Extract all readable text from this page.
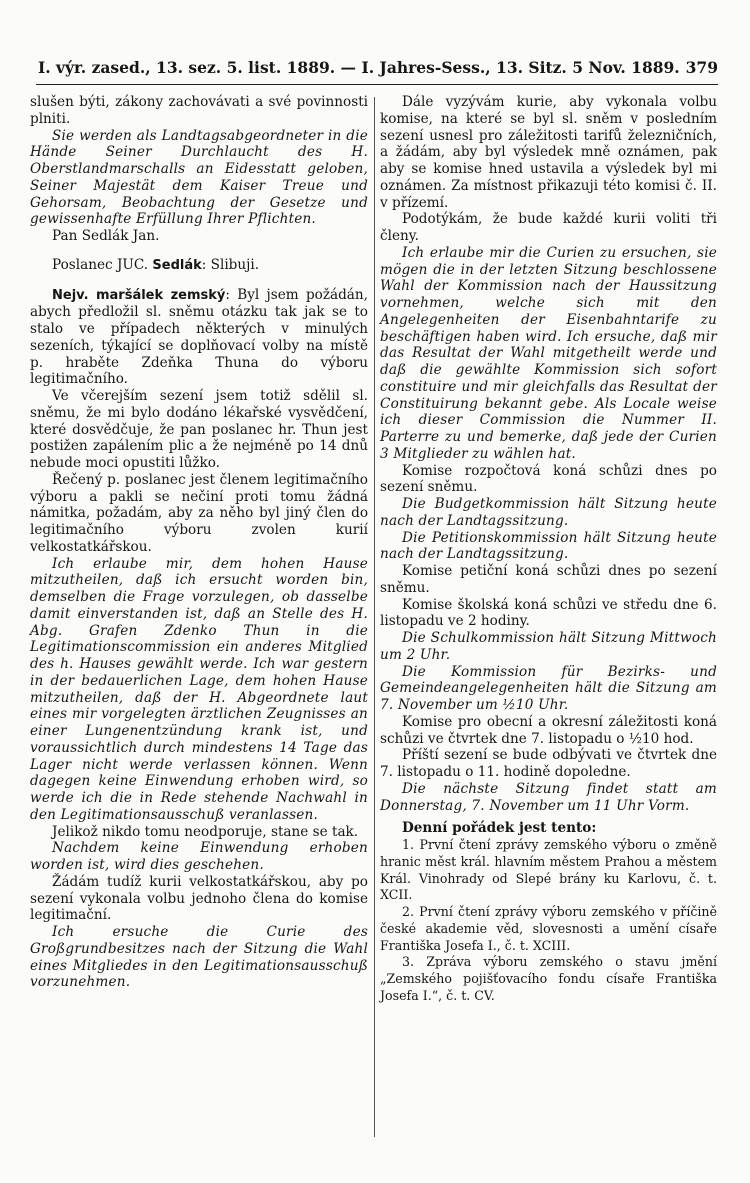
I. výr. zased., 13. sez. 5. list. 1889. — I. Jahres-Sess., 13. Sitz. 5 Nov. 1889. 379

slušen býti, zákony zachovávati a své povinnosti plniti.

Sie werden als Landtagsabgeordneter in die Hände Seiner Durchlaucht des H. Oberstlandmarschalls an Eidesstatt geloben, Seiner Majestät dem Kaiser Treue und Gehorsam, Beobachtung der Gesetze und gewissenhafte Erfüllung Ihrer Pflichten.

Pan Sedlák Jan.

Poslanec JUC. Sedlák: Slibuji.

Nejv. maršálek zemský: Byl jsem požádán, abych předložil sl. sněmu otázku tak jak se to stalo ve případech některých v minulých sezeních, týkající se doplňovací volby na místě p. hraběte Zdeňka Thuna do výboru legitimačního.

Ve včerejším sezení jsem totiž sdělil sl. sněmu, že mi bylo dodáno lékařské vysvědčení, které dosvědčuje, že pan poslanec hr. Thun jest postižen zapálením plic a že nejméně po 14 dnů nebude moci opustiti lůžko.

Řečený p. poslanec jest členem legitimačního výboru a pakli se nečiní proti tomu žádná námitka, požadám, aby za něho byl jiný člen do legitimačního výboru zvolen kurií velkostatkářskou.

Ich erlaube mir, dem hohen Hause mitzutheilen, daß ich ersucht worden bin, demselben die Frage vorzulegen, ob dasselbe damit einverstanden ist, daß an Stelle des H. Abg. Grafen Zdenko Thun in die Legitimationscommission ein anderes Mitglied des h. Hauses gewählt werde. Ich war gestern in der bedauerlichen Lage, dem hohen Hause mitzutheilen, daß der H. Abgeordnete laut eines mir vorgelegten ärztlichen Zeugnisses an einer Lungenentzündung krank ist, und voraussichtlich durch mindestens 14 Tage das Lager nicht werde verlassen können. Wenn dagegen keine Einwendung erhoben wird, so werde ich die in Rede stehende Nachwahl in den Legitimationsausschuß veranlassen.

Jelikož nikdo tomu neodporuje, stane se tak.

Nachdem keine Einwendung erhoben worden ist, wird dies geschehen.

Žádám tudíž kurii velkostatkářskou, aby po sezení vykonala volbu jednoho člena do komise legitimační.

Ich ersuche die Curie des Großgrundbesitzes nach der Sitzung die Wahl eines Mitgliedes in den Legitimationsausschuß vorzunehmen.

Dále vyzývám kurie, aby vykonala volbu komise, na které se byl sl. sněm v posledním sezení usnesl pro záležitosti tarifů železničních, a žádám, aby byl výsledek mně oznámen, pak aby se komise hned ustavila a výsledek byl mi oznámen. Za místnost přikazuji této komisi č. II. v přízemí.

Podotýkám, že bude každé kurii voliti tři členy.

Ich erlaube mir die Curien zu ersuchen, sie mögen die in der letzten Sitzung beschlossene Wahl der Kommission nach der Haussitzung vornehmen, welche sich mit den Angelegenheiten der Eisenbahntarife zu beschäftigen haben wird. Ich ersuche, daß mir das Resultat der Wahl mitgetheilt werde und daß die gewählte Kommission sich sofort constituire und mir gleichfalls das Resultat der Constituirung bekannt gebe. Als Locale weise ich dieser Commission die Nummer II. Parterre zu und bemerke, daß jede der Curien 3 Mitglieder zu wählen hat.

Komise rozpočtová koná schůzi dnes po sezení sněmu.

Die Budgetkommission hält Sitzung heute nach der Landtagssitzung.

Die Petitionskommission hält Sitzung heute nach der Landtagssitzung.

Komise petiční koná schůzi dnes po sezení sněmu.

Komise školská koná schůzi ve středu dne 6. listopadu ve 2 hodiny.

Die Schulkommission hält Sitzung Mittwoch um 2 Uhr.

Die Kommission für Bezirks- und Gemeindeangelegenheiten hält die Sitzung am 7. November um ½10 Uhr.

Komise pro obecní a okresní záležitosti koná schůzi ve čtvrtek dne 7. listopadu o ½10 hod.

Příští sezení se bude odbývati ve čtvrtek dne 7. listopadu o 11. hodině dopoledne.

Die nächste Sitzung findet statt am Donnerstag, 7. November um 11 Uhr Vorm.

Denní pořádek jest tento:

1. První čtení zprávy zemského výboru o změně hranic měst král. hlavním městem Prahou a městem Král. Vinohrady od Slepé brány ku Karlovu, č. t. XCII.

2. První čtení zprávy výboru zemského v příčině české akademie věd, slovesnosti a umění císaře Františka Josefa I., č. t. XCIII.

3. Zpráva výboru zemského o stavu jmění „Zemského pojišťovacího fondu císaře Františka Josefa I.“, č. t. CV.
